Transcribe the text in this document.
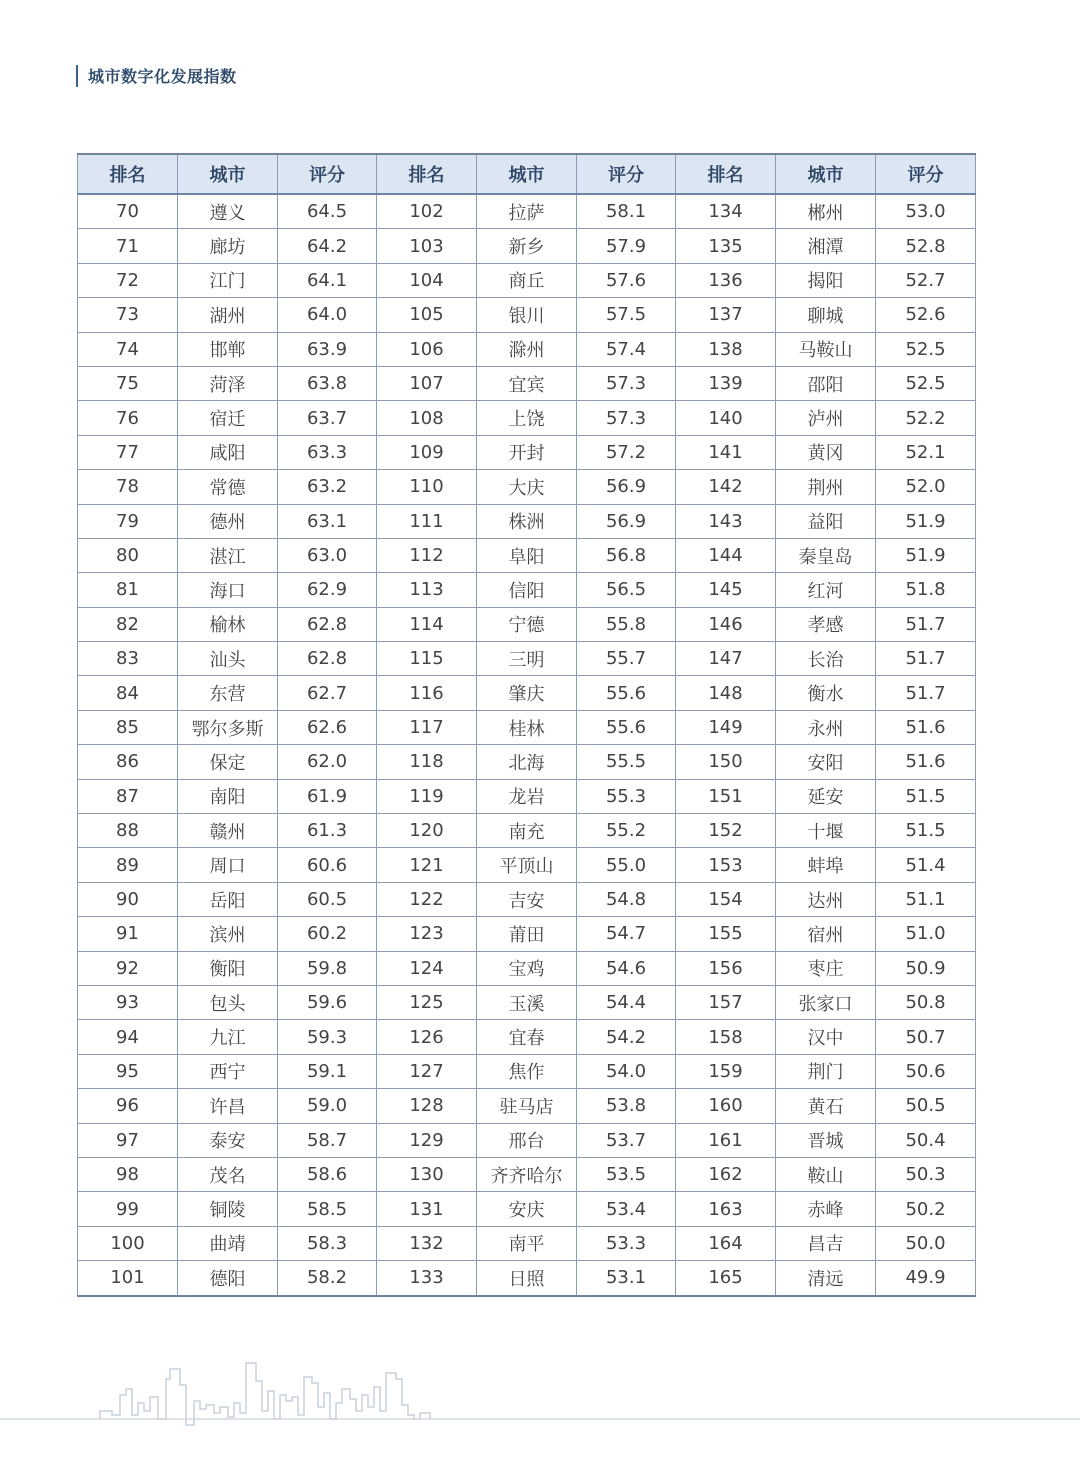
城市数字化发展指数
排名	城市	评分	排名	城市	评分	排名	城市	评分
70	遵义	64.5	102	拉萨	58.1	134	郴州	53.0
71	廊坊	64.2	103	新乡	57.9	135	湘潭	52.8
72	江门	64.1	104	商丘	57.6	136	揭阳	52.7
73	湖州	64.0	105	银川	57.5	137	聊城	52.6
74	邯郸	63.9	106	滁州	57.4	138	马鞍山	52.5
75	菏泽	63.8	107	宜宾	57.3	139	邵阳	52.5
76	宿迁	63.7	108	上饶	57.3	140	泸州	52.2
77	咸阳	63.3	109	开封	57.2	141	黄冈	52.1
78	常德	63.2	110	大庆	56.9	142	荆州	52.0
79	德州	63.1	111	株洲	56.9	143	益阳	51.9
80	湛江	63.0	112	阜阳	56.8	144	秦皇岛	51.9
81	海口	62.9	113	信阳	56.5	145	红河	51.8
82	榆林	62.8	114	宁德	55.8	146	孝感	51.7
83	汕头	62.8	115	三明	55.7	147	长治	51.7
84	东营	62.7	116	肇庆	55.6	148	衡水	51.7
85	鄂尔多斯	62.6	117	桂林	55.6	149	永州	51.6
86	保定	62.0	118	北海	55.5	150	安阳	51.6
87	南阳	61.9	119	龙岩	55.3	151	延安	51.5
88	赣州	61.3	120	南充	55.2	152	十堰	51.5
89	周口	60.6	121	平顶山	55.0	153	蚌埠	51.4
90	岳阳	60.5	122	吉安	54.8	154	达州	51.1
91	滨州	60.2	123	莆田	54.7	155	宿州	51.0
92	衡阳	59.8	124	宝鸡	54.6	156	枣庄	50.9
93	包头	59.6	125	玉溪	54.4	157	张家口	50.8
94	九江	59.3	126	宜春	54.2	158	汉中	50.7
95	西宁	59.1	127	焦作	54.0	159	荆门	50.6
96	许昌	59.0	128	驻马店	53.8	160	黄石	50.5
97	泰安	58.7	129	邢台	53.7	161	晋城	50.4
98	茂名	58.6	130	齐齐哈尔	53.5	162	鞍山	50.3
99	铜陵	58.5	131	安庆	53.4	163	赤峰	50.2
100	曲靖	58.3	132	南平	53.3	164	昌吉	50.0
101	德阳	58.2	133	日照	53.1	165	清远	49.9
